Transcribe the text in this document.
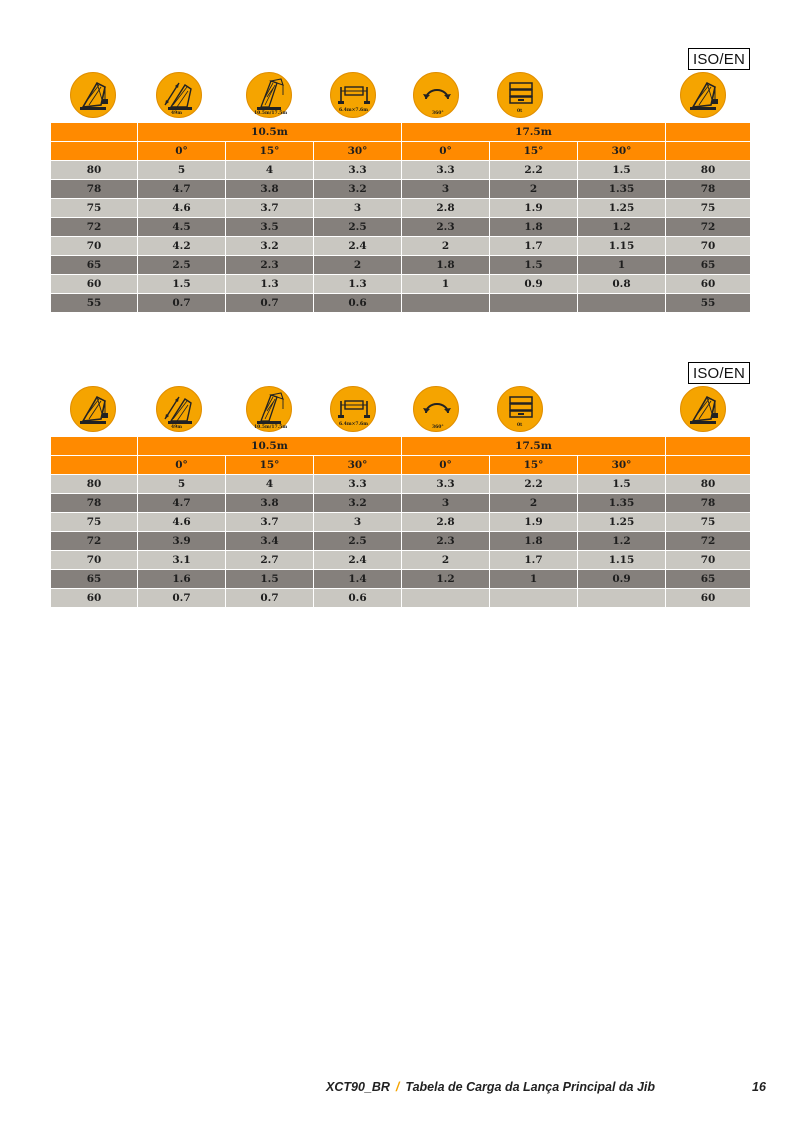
ISO/EN
49m	10.5m/17.5m
6.4m×7.6m
360°	0t
	10.5m			17.5m			
	0°	15°	30°	0°	15°	30°	
80	5	4	3.3	3.3	2.2	1.5	80
78	4.7	3.8	3.2	3	2	1.35	78
75	4.6	3.7	3	2.8	1.9	1.25	75
72	4.5	3.5	2.5	2.3	1.8	1.2	72
70	4.2	3.2	2.4	2	1.7	1.15	70
65	2.5	2.3	2	1.8	1.5	1	65
60	1.5	1.3	1.3	1	0.9	0.8	60
55	0.7	0.7	0.6				55
ISO/EN
49m	10.5m/17.5m
6.4m×7.6m
360°	0t
	10.5m			17.5m			
	0°	15°	30°	0°	15°	30°	
80	5	4	3.3	3.3	2.2	1.5	80
78	4.7	3.8	3.2	3	2	1.35	78
75	4.6	3.7	3	2.8	1.9	1.25	75
72	3.9	3.4	2.5	2.3	1.8	1.2	72
70	3.1	2.7	2.4	2	1.7	1.15	70
65	1.6	1.5	1.4	1.2	1	0.9	65
60	0.7	0.7	0.6				60
XCT90_BR / Tabela de Carga da Lança Principal da Jib	16
